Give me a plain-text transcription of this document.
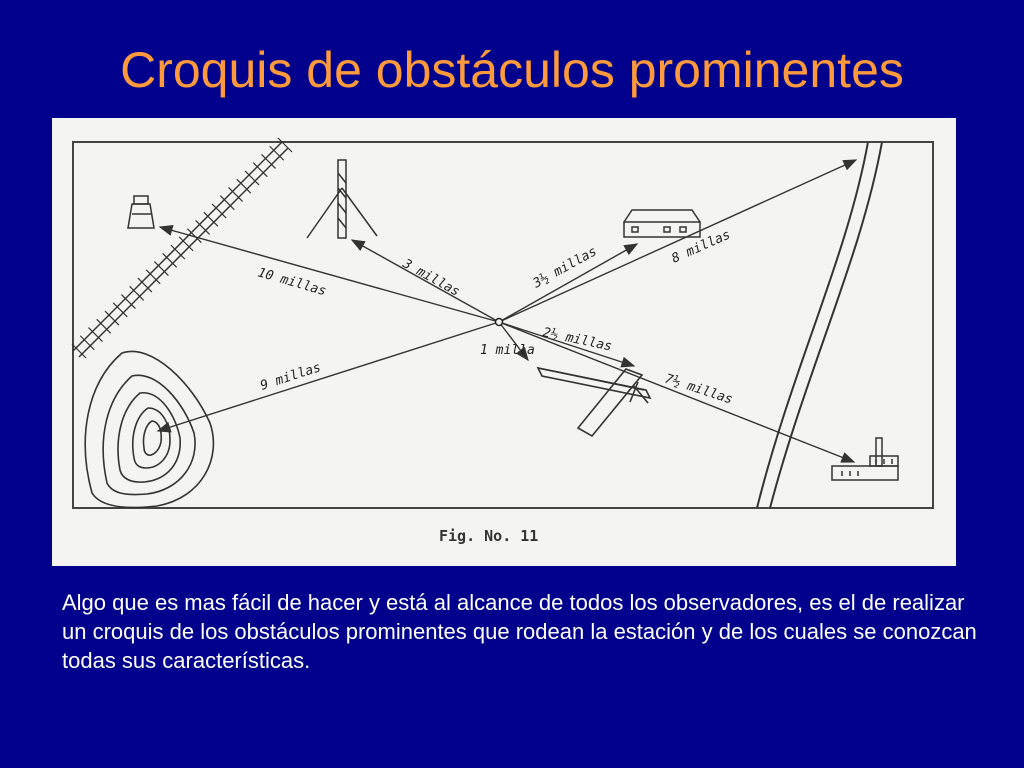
Croquis de obstáculos prominentes
10 millas	3 millas	3½ millas	8 millas
9 millas
1 milla 2½ millas
7½ millas
Fig. No. 11

Algo que es mas fácil de hacer y está al alcance de todos los observadores, es el de realizar un croquis de los obstáculos prominentes que rodean la estación y de los cuales se conozcan todas sus características.
